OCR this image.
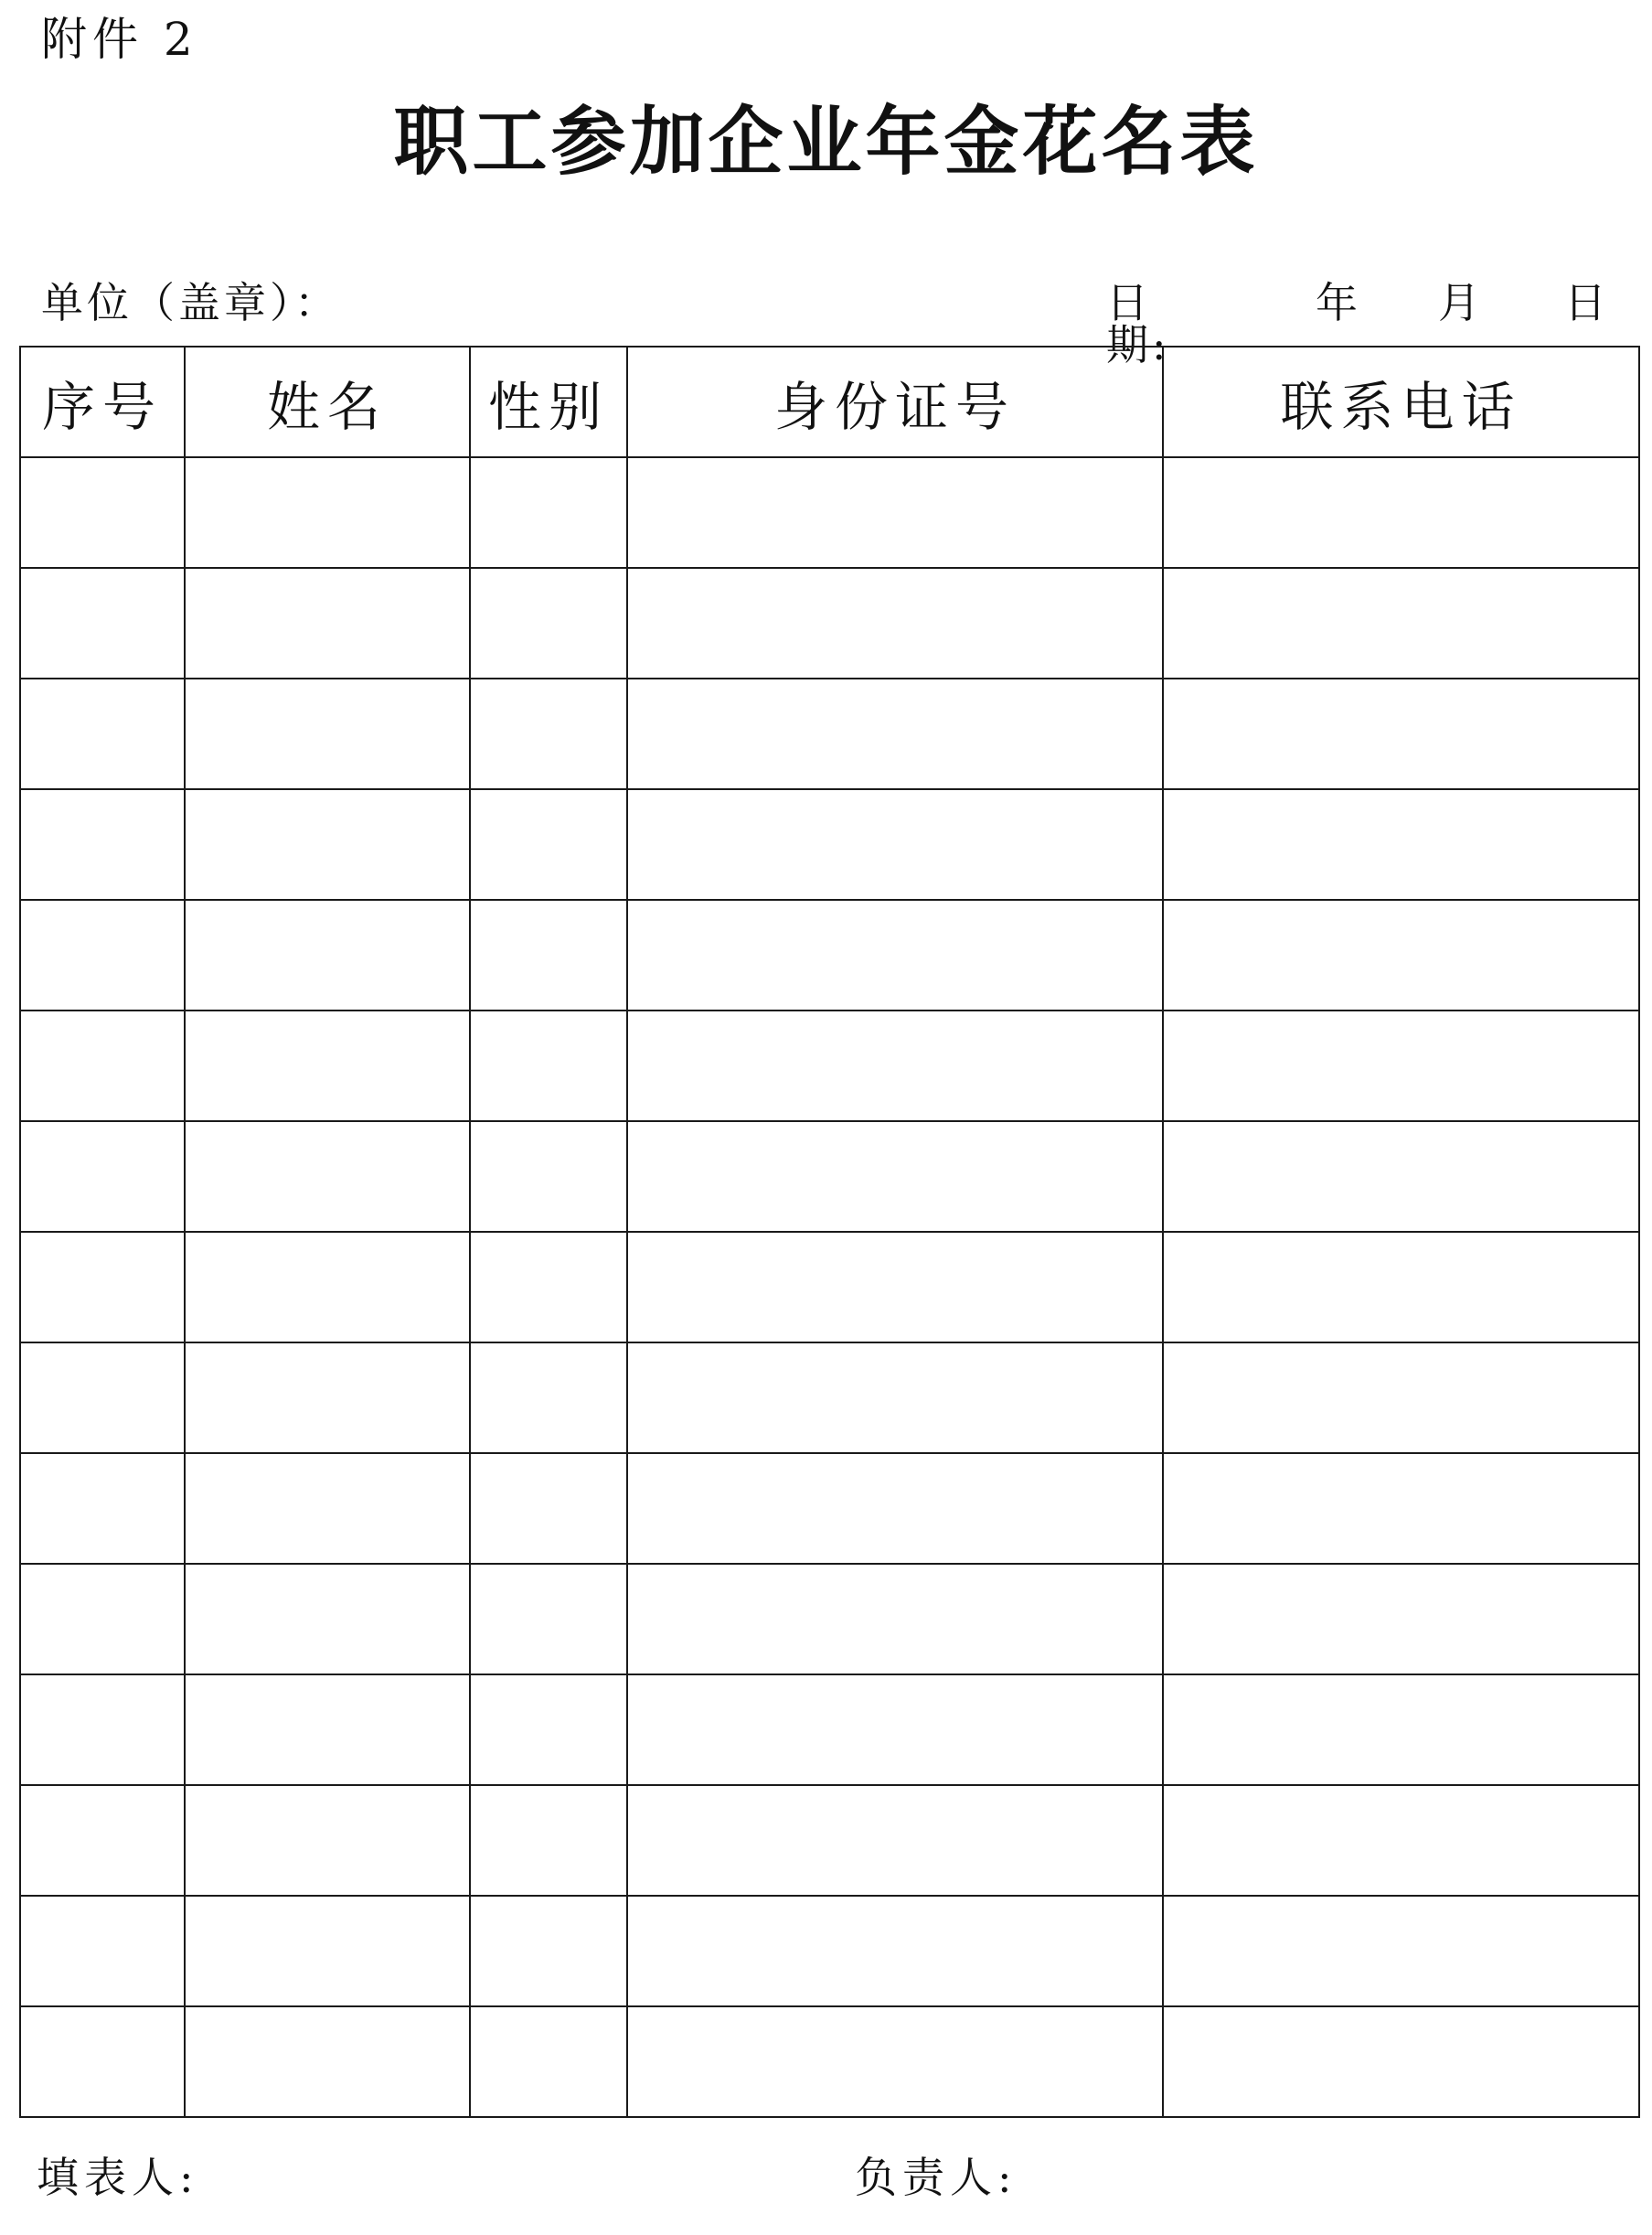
附件 2
职工参加企业年金花名表
单位（盖章）：	日期:
年 月 日
序号	姓名	性别	身份证号	联系电话

填表人:	负责人:
